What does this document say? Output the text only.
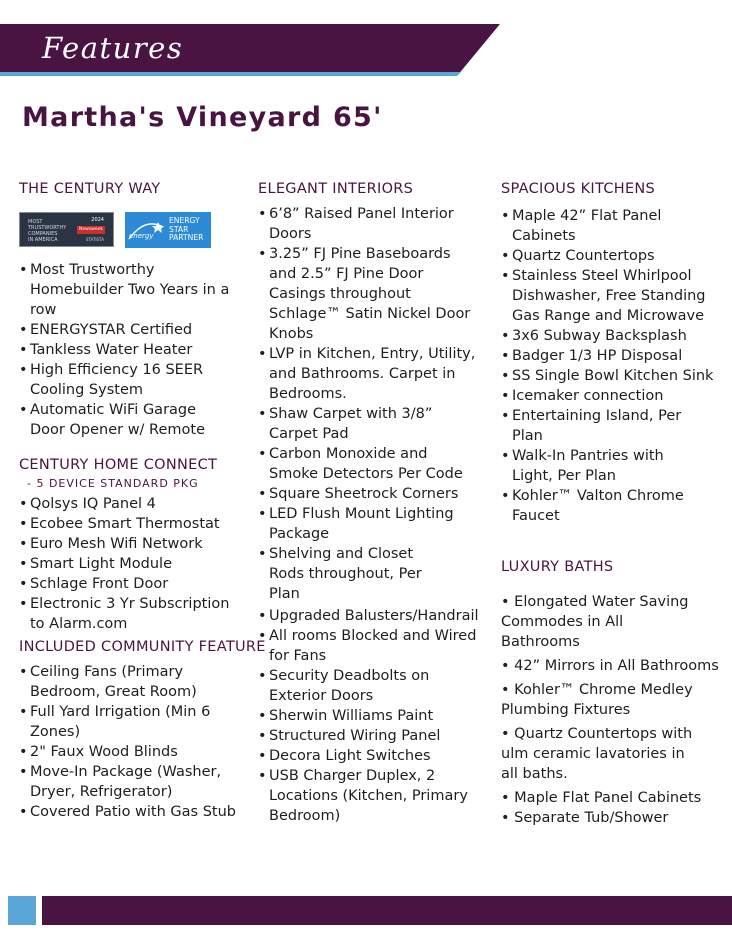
Features
Martha's Vineyard 65'
THE CENTURY WAY
MOST
TRUSTWORTHY
COMPANIES
IN AMERICA
2024
Newsweek
STATISTA	energy
ENERGY
STAR
PARTNER
• Most Trustworthy Homebuilder Two Years in a row
• ENERGYSTAR Certified
• Tankless Water Heater
• High Efficiency 16 SEER Cooling System
• Automatic WiFi Garage Door Opener w/ Remote
CENTURY HOME CONNECT
- 5 DEVICE STANDARD PKG
• Qolsys IQ Panel 4
• Ecobee Smart Thermostat
• Euro Mesh Wifi Network
• Smart Light Module
• Schlage Front Door
• Electronic 3 Yr Subscription to Alarm.com
INCLUDED COMMUNITY FEATURE
• Ceiling Fans (Primary Bedroom, Great Room)
• Full Yard Irrigation (Min 6 Zones)
• 2" Faux Wood Blinds
• Move-In Package (Washer, Dryer, Refrigerator)
• Covered Patio with Gas Stub
ELEGANT INTERIORS
• 6’8” Raised Panel Interior Doors
• 3.25” FJ Pine Baseboards and 2.5” FJ Pine Door Casings throughout
Schlage™ Satin Nickel Door Knobs
• LVP in Kitchen, Entry, Utility, and Bathrooms. Carpet in Bedrooms.
• Shaw Carpet with 3/8” Carpet Pad
• Carbon Monoxide and Smoke Detectors Per Code
• Square Sheetrock Corners
• LED Flush Mount Lighting Package
• Shelving and Closet Rods throughout, Per Plan
• Upgraded Balusters/Handrail
• All rooms Blocked and Wired for Fans
• Security Deadbolts on Exterior Doors
• Sherwin Williams Paint
• Structured Wiring Panel
• Decora Light Switches
• USB Charger Duplex, 2 Locations (Kitchen, Primary Bedroom)
SPACIOUS KITCHENS
• Maple 42” Flat Panel Cabinets
• Quartz Countertops
• Stainless Steel Whirlpool Dishwasher, Free Standing Gas Range and Microwave
• 3x6 Subway Backsplash
• Badger 1/3 HP Disposal
• SS Single Bowl Kitchen Sink
• Icemaker connection
• Entertaining Island, Per Plan
• Walk-In Pantries with Light, Per Plan
• Kohler™ Valton Chrome Faucet
LUXURY BATHS
• Elongated Water Saving Commodes in All Bathrooms
• 42” Mirrors in All Bathrooms
• Kohler™ Chrome Medley Plumbing Fixtures
• Quartz Countertops with ulm ceramic lavatories in all baths.
• Maple Flat Panel Cabinets
• Separate Tub/Shower
